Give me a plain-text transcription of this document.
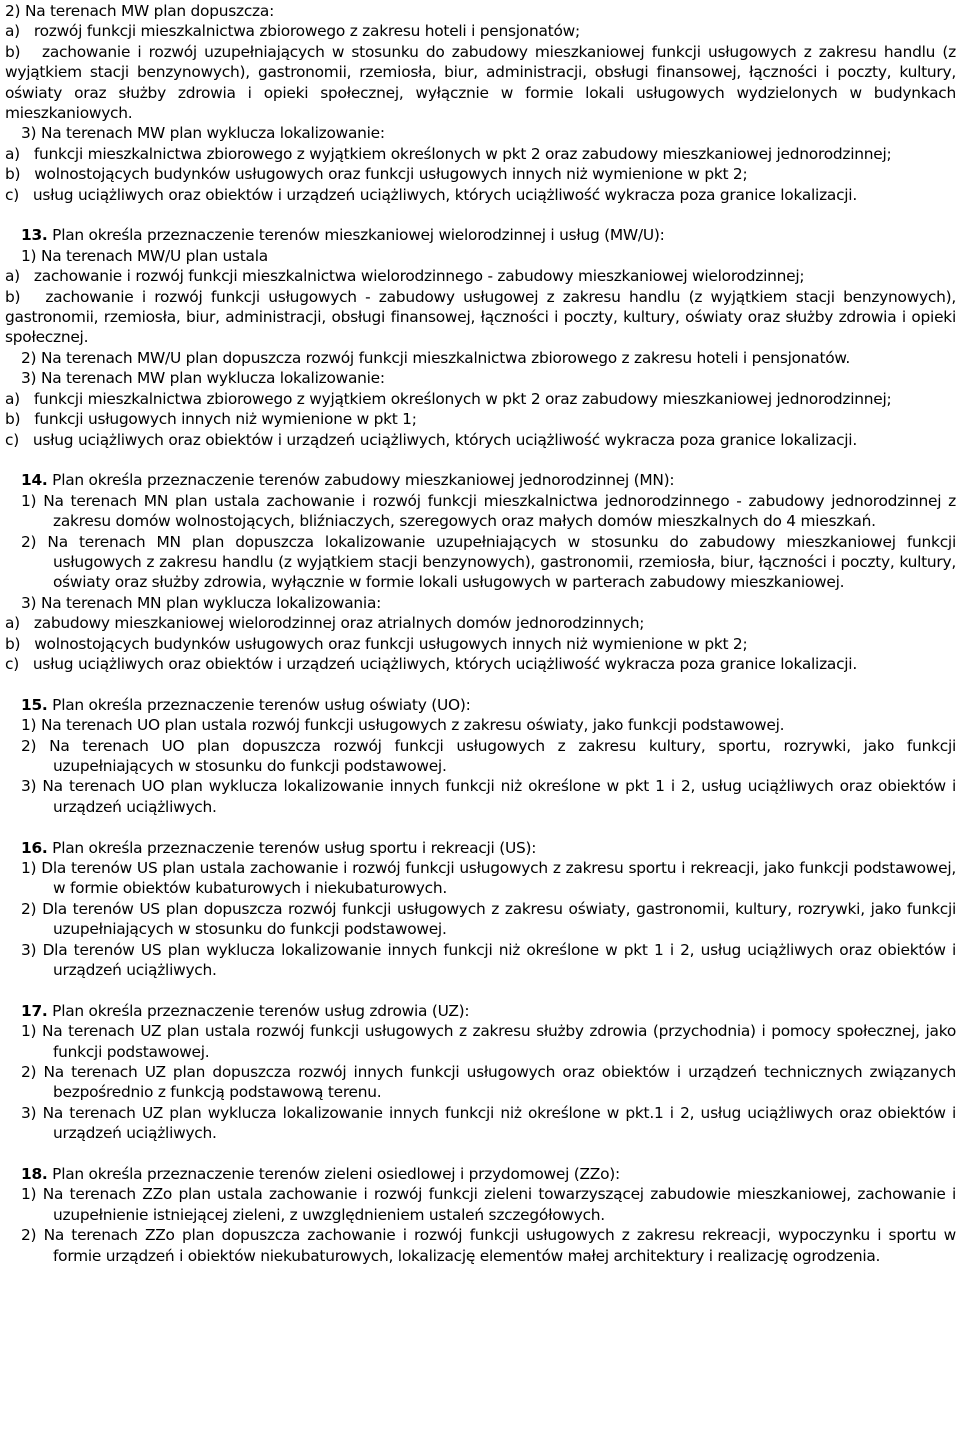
2) Na terenach MW plan dopuszcza:

a)   rozwój funkcji mieszkalnictwa zbiorowego z zakresu hoteli i pensjonatów;

b)   zachowanie i rozwój uzupełniających w stosunku do zabudowy mieszkaniowej funkcji usługowych z zakresu handlu (z wyjątkiem stacji benzynowych), gastronomii, rzemiosła, biur, administracji, obsługi finansowej, łączności i poczty, kultury, oświaty oraz służby zdrowia i opieki społecznej, wyłącznie w formie lokali usługowych wydzielonych w budynkach mieszkaniowych.

3) Na terenach MW plan wyklucza lokalizowanie:

a)   funkcji mieszkalnictwa zbiorowego z wyjątkiem określonych w pkt 2 oraz zabudowy mieszkaniowej jednorodzinnej;

b)   wolnostojących budynków usługowych oraz funkcji usługowych innych niż wymienione w pkt 2;

c)   usług uciążliwych oraz obiektów i urządzeń uciążliwych, których uciążliwość wykracza poza granice lokalizacji.

13. Plan określa przeznaczenie terenów mieszkaniowej wielorodzinnej i usług (MW/U):

1) Na terenach MW/U plan ustala

a)   zachowanie i rozwój funkcji mieszkalnictwa wielorodzinnego - zabudowy mieszkaniowej wielorodzinnej;

b)   zachowanie i rozwój funkcji usługowych - zabudowy usługowej z zakresu handlu (z wyjątkiem stacji benzynowych), gastronomii, rzemiosła, biur, administracji, obsługi finansowej, łączności i poczty, kultury, oświaty oraz służby zdrowia i opieki społecznej.

2) Na terenach MW/U plan dopuszcza rozwój funkcji mieszkalnictwa zbiorowego z zakresu hoteli i pensjonatów.

3) Na terenach MW plan wyklucza lokalizowanie:

a)   funkcji mieszkalnictwa zbiorowego z wyjątkiem określonych w pkt 2 oraz zabudowy mieszkaniowej jednorodzinnej;

b)   funkcji usługowych innych niż wymienione w pkt 1;

c)   usług uciążliwych oraz obiektów i urządzeń uciążliwych, których uciążliwość wykracza poza granice lokalizacji.

14. Plan określa przeznaczenie terenów zabudowy mieszkaniowej jednorodzinnej (MN):

1) Na terenach MN plan ustala zachowanie i rozwój funkcji mieszkalnictwa jednorodzinnego - zabudowy jednorodzinnej z zakresu domów wolnostojących, bliźniaczych, szeregowych oraz małych domów mieszkalnych do 4 mieszkań.

2) Na terenach MN plan dopuszcza lokalizowanie uzupełniających w stosunku do zabudowy mieszkaniowej funkcji usługowych z zakresu handlu (z wyjątkiem stacji benzynowych), gastronomii, rzemiosła, biur, łączności i poczty, kultury, oświaty oraz służby zdrowia, wyłącznie w formie lokali usługowych w parterach zabudowy mieszkaniowej.

3) Na terenach MN plan wyklucza lokalizowania:

a)   zabudowy mieszkaniowej wielorodzinnej oraz atrialnych domów jednorodzinnych;

b)   wolnostojących budynków usługowych oraz funkcji usługowych innych niż wymienione w pkt 2;

c)   usług uciążliwych oraz obiektów i urządzeń uciążliwych, których uciążliwość wykracza poza granice lokalizacji.

15. Plan określa przeznaczenie terenów usług oświaty (UO):

1) Na terenach UO plan ustala rozwój funkcji usługowych z zakresu oświaty, jako funkcji podstawowej.

2) Na terenach UO plan dopuszcza rozwój funkcji usługowych z zakresu kultury, sportu, rozrywki, jako funkcji uzupełniających w stosunku do funkcji podstawowej.

3) Na terenach UO plan wyklucza lokalizowanie innych funkcji niż określone w pkt 1 i 2, usług uciążliwych oraz obiektów i urządzeń uciążliwych.

16. Plan określa przeznaczenie terenów usług sportu i rekreacji (US):

1) Dla terenów US plan ustala zachowanie i rozwój funkcji usługowych z zakresu sportu i rekreacji, jako funkcji podstawowej, w formie obiektów kubaturowych i niekubaturowych.

2) Dla terenów US plan dopuszcza rozwój funkcji usługowych z zakresu oświaty, gastronomii, kultury, rozrywki, jako funkcji uzupełniających w stosunku do funkcji podstawowej.

3) Dla terenów US plan wyklucza lokalizowanie innych funkcji niż określone w pkt 1 i 2, usług uciążliwych oraz obiektów i urządzeń uciążliwych.

17. Plan określa przeznaczenie terenów usług zdrowia (UZ):

1) Na terenach UZ plan ustala rozwój funkcji usługowych z zakresu służby zdrowia (przychodnia) i pomocy społecznej, jako funkcji podstawowej.

2) Na terenach UZ plan dopuszcza rozwój innych funkcji usługowych oraz obiektów i urządzeń technicznych związanych bezpośrednio z funkcją podstawową terenu.

3) Na terenach UZ plan wyklucza lokalizowanie innych funkcji niż określone w pkt.1 i 2, usług uciążliwych oraz obiektów i urządzeń uciążliwych.

18. Plan określa przeznaczenie terenów zieleni osiedlowej i przydomowej (ZZo):

1) Na terenach ZZo plan ustala zachowanie i rozwój funkcji zieleni towarzyszącej zabudowie mieszkaniowej, zachowanie i uzupełnienie istniejącej zieleni, z uwzględnieniem ustaleń szczegółowych.

2) Na terenach ZZo plan dopuszcza zachowanie i rozwój funkcji usługowych z zakresu rekreacji, wypoczynku i sportu w formie urządzeń i obiektów niekubaturowych, lokalizację elementów małej architektury i realizację ogrodzenia.
